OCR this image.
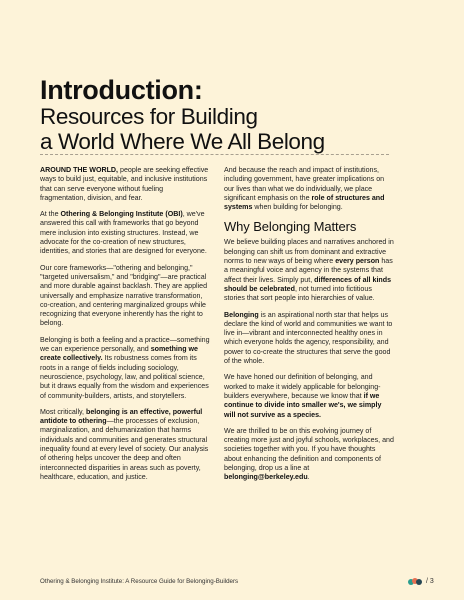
Introduction:
Resources for Building
a World Where We All Belong

AROUND THE WORLD, people are seeking effective ways to build just, equitable, and inclusive institutions that can serve everyone without fueling fragmentation, division, and fear.

At the Othering & Belonging Institute (OBI), we've answered this call with frameworks that go beyond mere inclusion into existing structures. Instead, we advocate for the co-creation of new structures, identities, and stories that are designed for everyone.

Our core frameworks—"othering and belonging," "targeted universalism," and "bridging"—are practical and more durable against backlash. They are applied universally and emphasize narrative transformation, co-creation, and centering marginalized groups while recognizing that everyone inherently has the right to belong.

Belonging is both a feeling and a practice—something we can experience personally, and something we create collectively. Its robustness comes from its roots in a range of fields including sociology, neuroscience, psychology, law, and political science, but it draws equally from the wisdom and experiences of community-builders, artists, and storytellers.

Most critically, belonging is an effective, powerful antidote to othering—the processes of exclusion, marginalization, and dehumanization that harms individuals and communities and generates structural inequality found at every level of society. Our analysis of othering helps uncover the deep and often interconnected disparities in areas such as poverty, healthcare, education, and justice.

And because the reach and impact of institutions, including government, have greater implications on our lives than what we do individually, we place significant emphasis on the role of structures and systems when building for belonging.

Why Belonging Matters

We believe building places and narratives anchored in belonging can shift us from dominant and extractive norms to new ways of being where every person has a meaningful voice and agency in the systems that affect their lives. Simply put, differences of all kinds should be celebrated, not turned into fictitious stories that sort people into hierarchies of value.

Belonging is an aspirational north star that helps us declare the kind of world and communities we want to live in—vibrant and interconnected healthy ones in which everyone holds the agency, responsibility, and power to co-create the structures that serve the good of the whole.

We have honed our definition of belonging, and worked to make it widely applicable for belonging-builders everywhere, because we know that if we continue to divide into smaller we's, we simply will not survive as a species.

We are thrilled to be on this evolving journey of creating more just and joyful schools, workplaces, and societies together with you. If you have thoughts about enhancing the definition and components of belonging, drop us a line at belonging@berkeley.edu.

Othering & Belonging Institute: A Resource Guide for Belonging-Builders	/ 3
